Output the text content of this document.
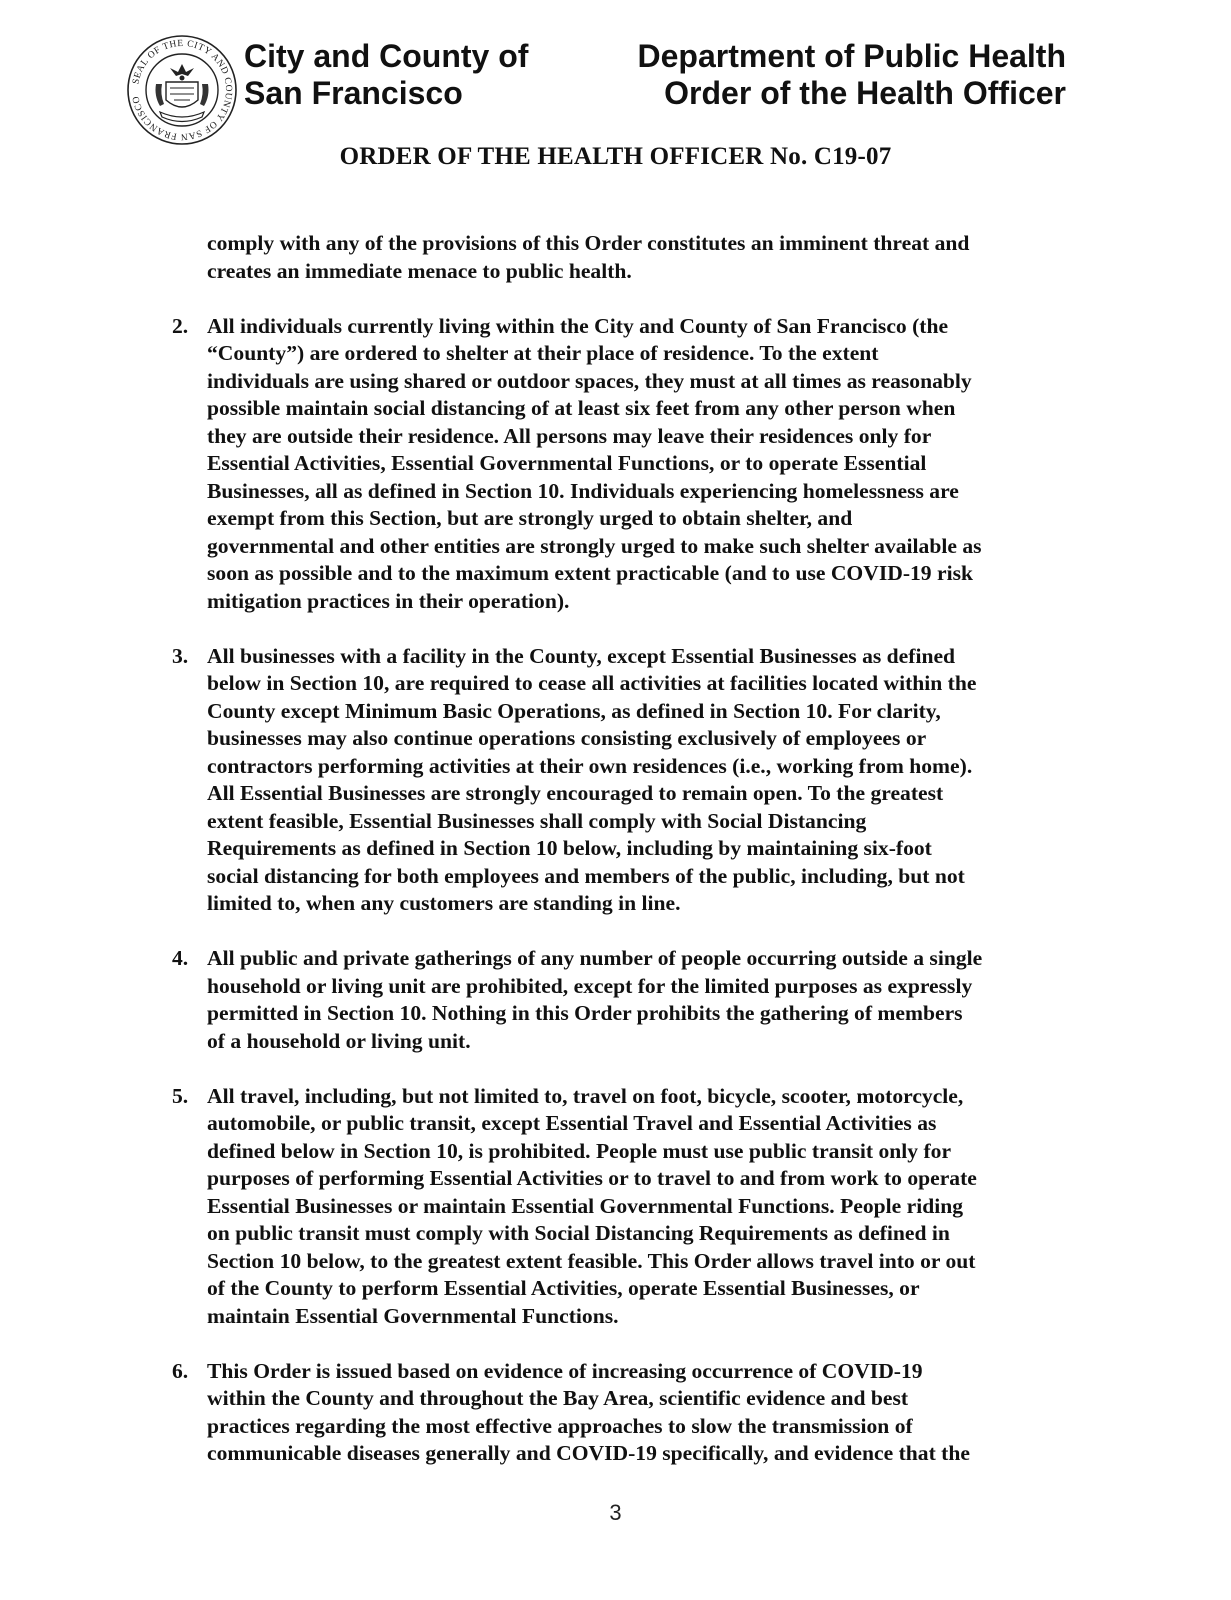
SEAL OF THE CITY AND COUNTY OF SAN FRANCISCO
City and County of
San Francisco
Department of Public Health
Order of the Health Officer
ORDER OF THE HEALTH OFFICER No. C19-07
comply with any of the provisions of this Order constitutes an imminent threat and
creates an immediate menace to public health.
2. All individuals currently living within the City and County of San Francisco (the
“County”) are ordered to shelter at their place of residence. To the extent
individuals are using shared or outdoor spaces, they must at all times as reasonably
possible maintain social distancing of at least six feet from any other person when
they are outside their residence. All persons may leave their residences only for
Essential Activities, Essential Governmental Functions, or to operate Essential
Businesses, all as defined in Section 10. Individuals experiencing homelessness are
exempt from this Section, but are strongly urged to obtain shelter, and
governmental and other entities are strongly urged to make such shelter available as
soon as possible and to the maximum extent practicable (and to use COVID-19 risk
mitigation practices in their operation).
3. All businesses with a facility in the County, except Essential Businesses as defined
below in Section 10, are required to cease all activities at facilities located within the
County except Minimum Basic Operations, as defined in Section 10. For clarity,
businesses may also continue operations consisting exclusively of employees or
contractors performing activities at their own residences (i.e., working from home).
All Essential Businesses are strongly encouraged to remain open. To the greatest
extent feasible, Essential Businesses shall comply with Social Distancing
Requirements as defined in Section 10 below, including by maintaining six-foot
social distancing for both employees and members of the public, including, but not
limited to, when any customers are standing in line.
4. All public and private gatherings of any number of people occurring outside a single
household or living unit are prohibited, except for the limited purposes as expressly
permitted in Section 10. Nothing in this Order prohibits the gathering of members
of a household or living unit.
5. All travel, including, but not limited to, travel on foot, bicycle, scooter, motorcycle,
automobile, or public transit, except Essential Travel and Essential Activities as
defined below in Section 10, is prohibited. People must use public transit only for
purposes of performing Essential Activities or to travel to and from work to operate
Essential Businesses or maintain Essential Governmental Functions. People riding
on public transit must comply with Social Distancing Requirements as defined in
Section 10 below, to the greatest extent feasible. This Order allows travel into or out
of the County to perform Essential Activities, operate Essential Businesses, or
maintain Essential Governmental Functions.
6. This Order is issued based on evidence of increasing occurrence of COVID-19
within the County and throughout the Bay Area, scientific evidence and best
practices regarding the most effective approaches to slow the transmission of
communicable diseases generally and COVID-19 specifically, and evidence that the
3
